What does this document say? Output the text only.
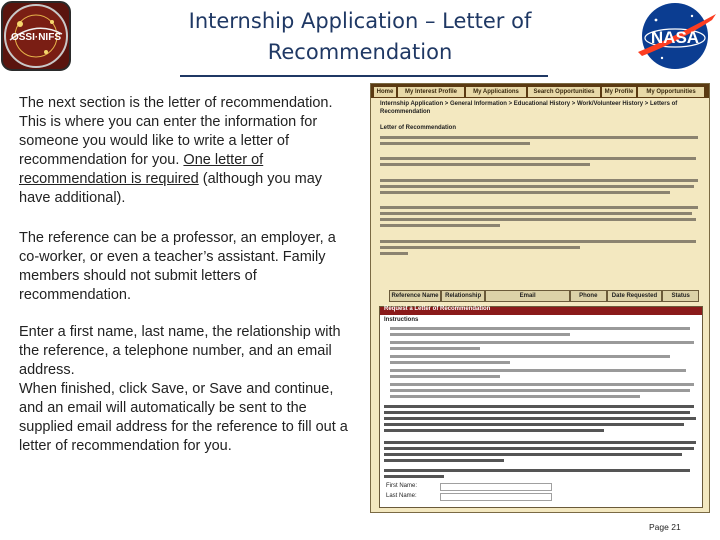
Internship Application – Letter of Recommendation
OSSI·NIFS	NASA
The next section is the letter of recommendation. This is where you can enter the information for someone you would like to write a letter of recommendation for you. One letter of recommendation is required (although you may have additional).
The reference can be a professor, an employer, a co-worker, or even a teacher’s assistant. Family members should not submit letters of recommendation.
Enter a first name, last name, the relationship with the reference, a telephone number, and an email address.
When finished, click Save, or Save and continue, and an email will automatically be sent to the supplied email address for the reference to fill out a letter of recommendation for you.
Home	My Interest Profile	My Applications	Search Opportunities	My Profile	My Opportunities
Internship Application > General Information > Educational History > Work/Volunteer History > Letters of Recommendation
Letter of Recommendation
Reference Name	Relationship	Email	Phone	Date Requested	Status
Request a Letter of Recommendation
Instructions
First Name:
Last Name:
Page 21
